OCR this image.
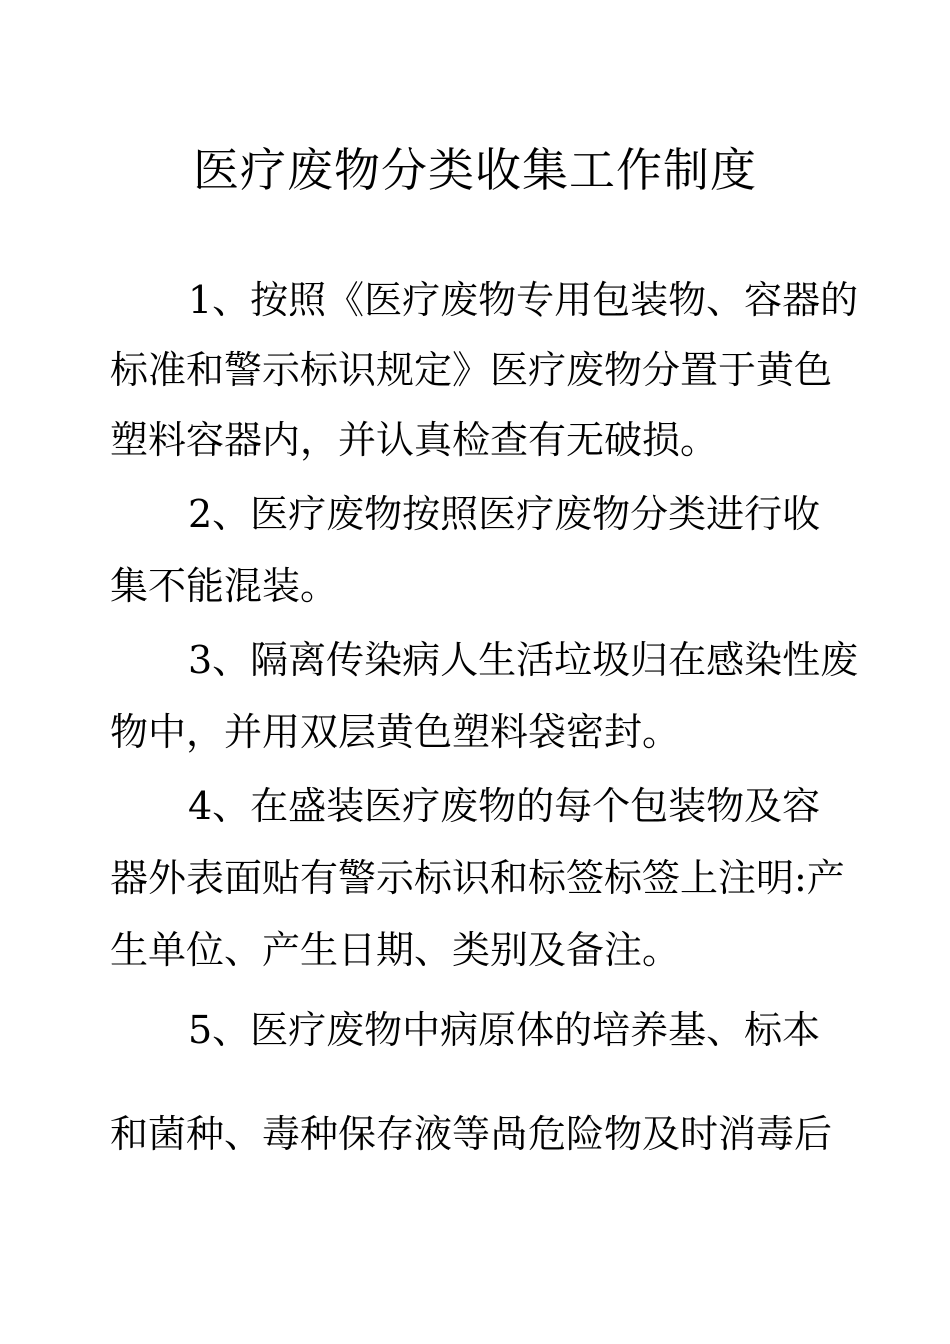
医疗废物分类收集工作制度
1、按照《医疗废物专用包装物、容器的
标准和警示标识规定》医疗废物分置于黄色
塑料容器内，并认真检查有无破损。
2、医疗废物按照医疗废物分类进行收
集不能混装。
3、隔离传染病人生活垃圾归在感染性废
物中，并用双层黄色塑料袋密封。
4、在盛装医疗废物的每个包装物及容
器外表面贴有警示标识和标签标签上注明:产
生单位、产生日期、类别及备注。
5、医疗废物中病原体的培养基、标本
和菌种、毒种保存液等咼危险物及时消毒后
